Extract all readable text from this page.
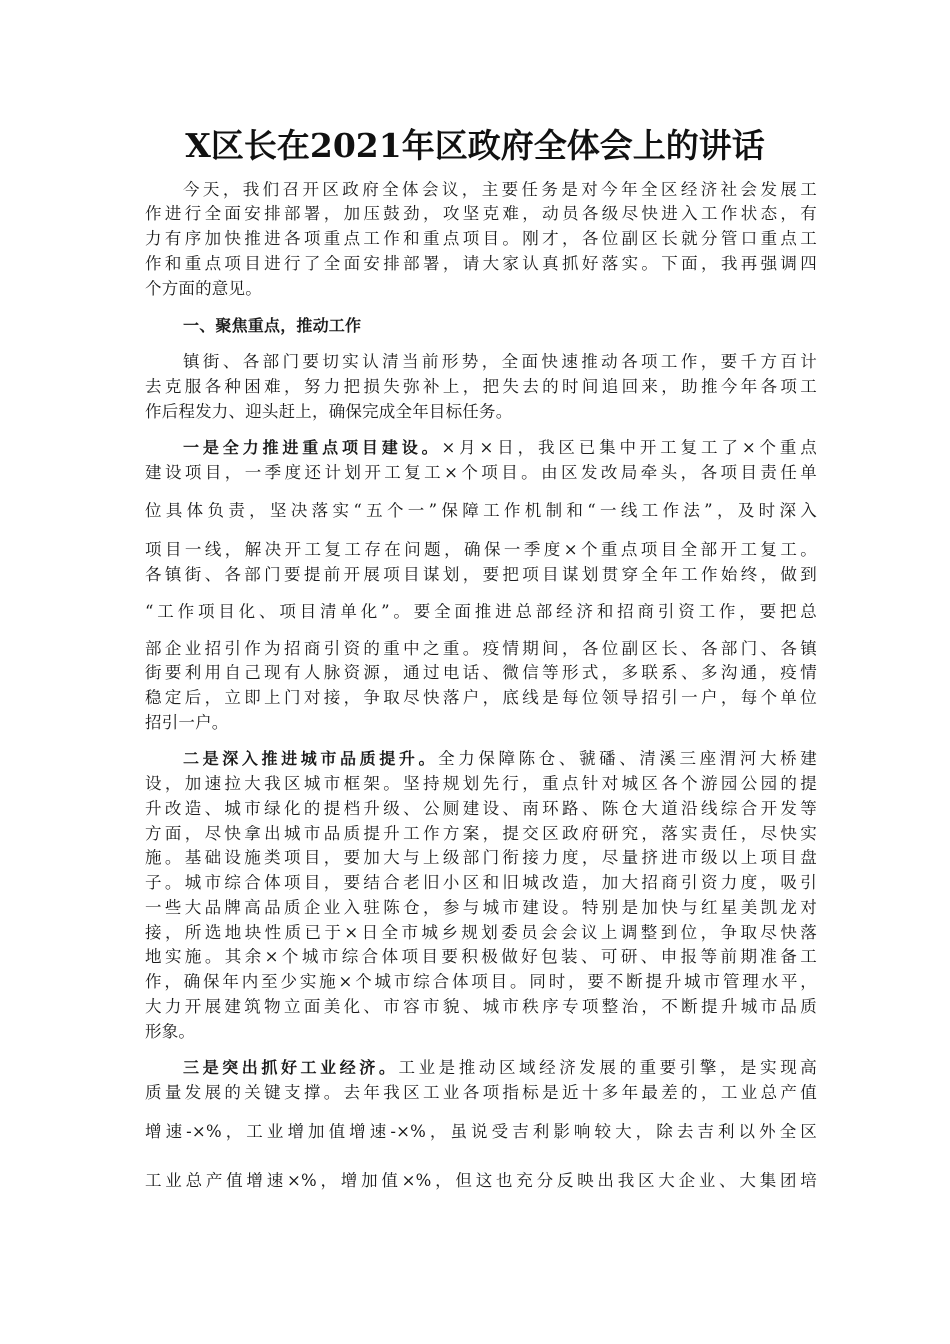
X区长在2021年区政府全体会上的讲话
今天，我们召开区政府全体会议，主要任务是对今年全区经济社会发展工
作进行全面安排部署，加压鼓劲，攻坚克难，动员各级尽快进入工作状态，有
力有序加快推进各项重点工作和重点项目。刚才，各位副区长就分管口重点工
作和重点项目进行了全面安排部署，请大家认真抓好落实。下面，我再强调四
个方面的意见。
一、聚焦重点，推动工作
镇街、各部门要切实认清当前形势，全面快速推动各项工作，要千方百计
去克服各种困难，努力把损失弥补上，把失去的时间追回来，助推今年各项工
作后程发力、迎头赶上，确保完成全年目标任务。
一是全力推进重点项目建设。×月×日，我区已集中开工复工了×个重点
建设项目，一季度还计划开工复工×个项目。由区发改局牵头，各项目责任单
位具体负责，坚决落实“五个一”保障工作机制和“一线工作法”，及时深入
项目一线，解决开工复工存在问题，确保一季度×个重点项目全部开工复工。
各镇街、各部门要提前开展项目谋划，要把项目谋划贯穿全年工作始终，做到
“工作项目化、项目清单化”。要全面推进总部经济和招商引资工作，要把总
部企业招引作为招商引资的重中之重。疫情期间，各位副区长、各部门、各镇
街要利用自己现有人脉资源，通过电话、微信等形式，多联系、多沟通，疫情
稳定后，立即上门对接，争取尽快落户，底线是每位领导招引一户，每个单位
招引一户。
二是深入推进城市品质提升。全力保障陈仓、虢磻、清溪三座渭河大桥建
设，加速拉大我区城市框架。坚持规划先行，重点针对城区各个游园公园的提
升改造、城市绿化的提档升级、公厕建设、南环路、陈仓大道沿线综合开发等
方面，尽快拿出城市品质提升工作方案，提交区政府研究，落实责任，尽快实
施。基础设施类项目，要加大与上级部门衔接力度，尽量挤进市级以上项目盘
子。城市综合体项目，要结合老旧小区和旧城改造，加大招商引资力度，吸引
一些大品牌高品质企业入驻陈仓，参与城市建设。特别是加快与红星美凯龙对
接，所选地块性质已于×日全市城乡规划委员会会议上调整到位，争取尽快落
地实施。其余×个城市综合体项目要积极做好包装、可研、申报等前期准备工
作，确保年内至少实施×个城市综合体项目。同时，要不断提升城市管理水平，
大力开展建筑物立面美化、市容市貌、城市秩序专项整治，不断提升城市品质
形象。
三是突出抓好工业经济。工业是推动区域经济发展的重要引擎，是实现高
质量发展的关键支撑。去年我区工业各项指标是近十多年最差的，工业总产值
增速-×%，工业增加值增速-×%，虽说受吉利影响较大，除去吉利以外全区
工业总产值增速×%，增加值×%，但这也充分反映出我区大企业、大集团培
